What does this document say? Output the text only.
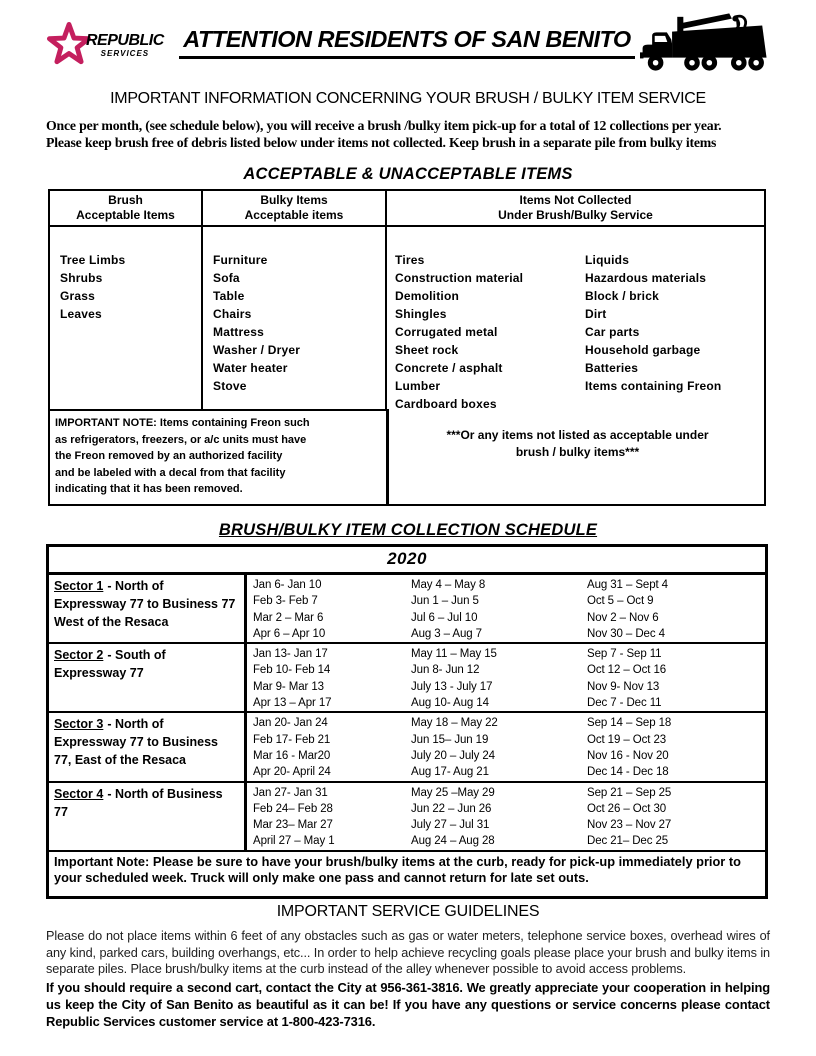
REPUBLIC
SERVICES
ATTENTION RESIDENTS OF SAN BENITO
IMPORTANT INFORMATION CONCERNING YOUR BRUSH / BULKY ITEM SERVICE
Once per month, (see schedule below), you will receive a brush /bulky item pick-up for a total of 12 collections per year.
Please keep brush free of debris listed below under items not collected. Keep brush in a separate pile from bulky items
ACCEPTABLE & UNACCEPTABLE ITEMS
Brush
Acceptable Items
Bulky Items
Acceptable items
Items Not Collected
Under Brush/Bulky Service
Tree Limbs
Shrubs
Grass
Leaves
Furniture
Sofa
Table
Chairs
Mattress
Washer / Dryer
Water heater
Stove
Tires
Construction material
Demolition
Shingles
Corrugated metal
Sheet rock
Concrete / asphalt
Lumber
Cardboard boxes
Liquids
Hazardous materials
Block / brick
Dirt
Car parts
Household garbage
Batteries
Items containing Freon
***Or any items not listed as acceptable under
brush / bulky items***
IMPORTANT NOTE: Items containing Freon such
as refrigerators, freezers, or a/c units must have
the Freon removed by an authorized facility
and be labeled with a decal from that facility
indicating that it has been removed.
BRUSH/BULKY ITEM COLLECTION SCHEDULE
2020
Sector 1 - North of Expressway 77 to Business 77 West of the Resaca
Jan 6- Jan 10
Feb 3- Feb 7
Mar 2 – Mar 6
Apr 6 – Apr 10
May 4 – May 8
Jun 1 – Jun 5
Jul 6 – Jul 10
Aug 3 – Aug 7
Aug 31 – Sept 4
Oct 5 – Oct 9
Nov 2 – Nov 6
Nov 30 – Dec 4
Sector 2 - South of Expressway 77
Jan 13- Jan 17
Feb 10- Feb 14
Mar 9- Mar 13
Apr 13 – Apr 17
May 11 – May 15
Jun 8- Jun 12
July 13 - July 17
Aug 10- Aug 14
Sep 7 - Sep 11
Oct 12 – Oct 16
Nov 9- Nov 13
Dec 7 - Dec 11
Sector 3 - North of Expressway 77 to Business 77, East of the Resaca
Jan 20- Jan 24
Feb 17- Feb 21
Mar 16 - Mar20
Apr 20- April 24
May 18 – May 22
Jun 15– Jun 19
July 20 – July 24
Aug 17- Aug 21
Sep 14 – Sep 18
Oct 19 – Oct 23
Nov 16 - Nov 20
Dec 14 - Dec 18
Sector 4 - North of Business 77
Jan 27- Jan 31
Feb 24– Feb 28
Mar 23– Mar 27
April 27 – May 1
May 25 –May 29
Jun 22 – Jun 26
July 27 – Jul 31
Aug 24 – Aug 28
Sep 21 – Sep 25
Oct 26 – Oct 30
Nov 23 – Nov 27
Dec 21– Dec 25
Important Note: Please be sure to have your brush/bulky items at the curb, ready for pick-up immediately prior to your scheduled week. Truck will only make one pass and cannot return for late set outs.
IMPORTANT SERVICE GUIDELINES

Please do not place items within 6 feet of any obstacles such as gas or water meters, telephone service boxes, overhead wires of any kind, parked cars, building overhangs, etc... In order to help achieve recycling goals please place your brush and bulky items in separate piles. Place brush/bulky items at the curb instead of the alley whenever possible to avoid access problems.

If you should require a second cart, contact the City at 956-361-3816. We greatly appreciate your cooperation in helping us keep the City of San Benito as beautiful as it can be! If you have any questions or service concerns please contact Republic Services customer service at 1-800-423-7316.
